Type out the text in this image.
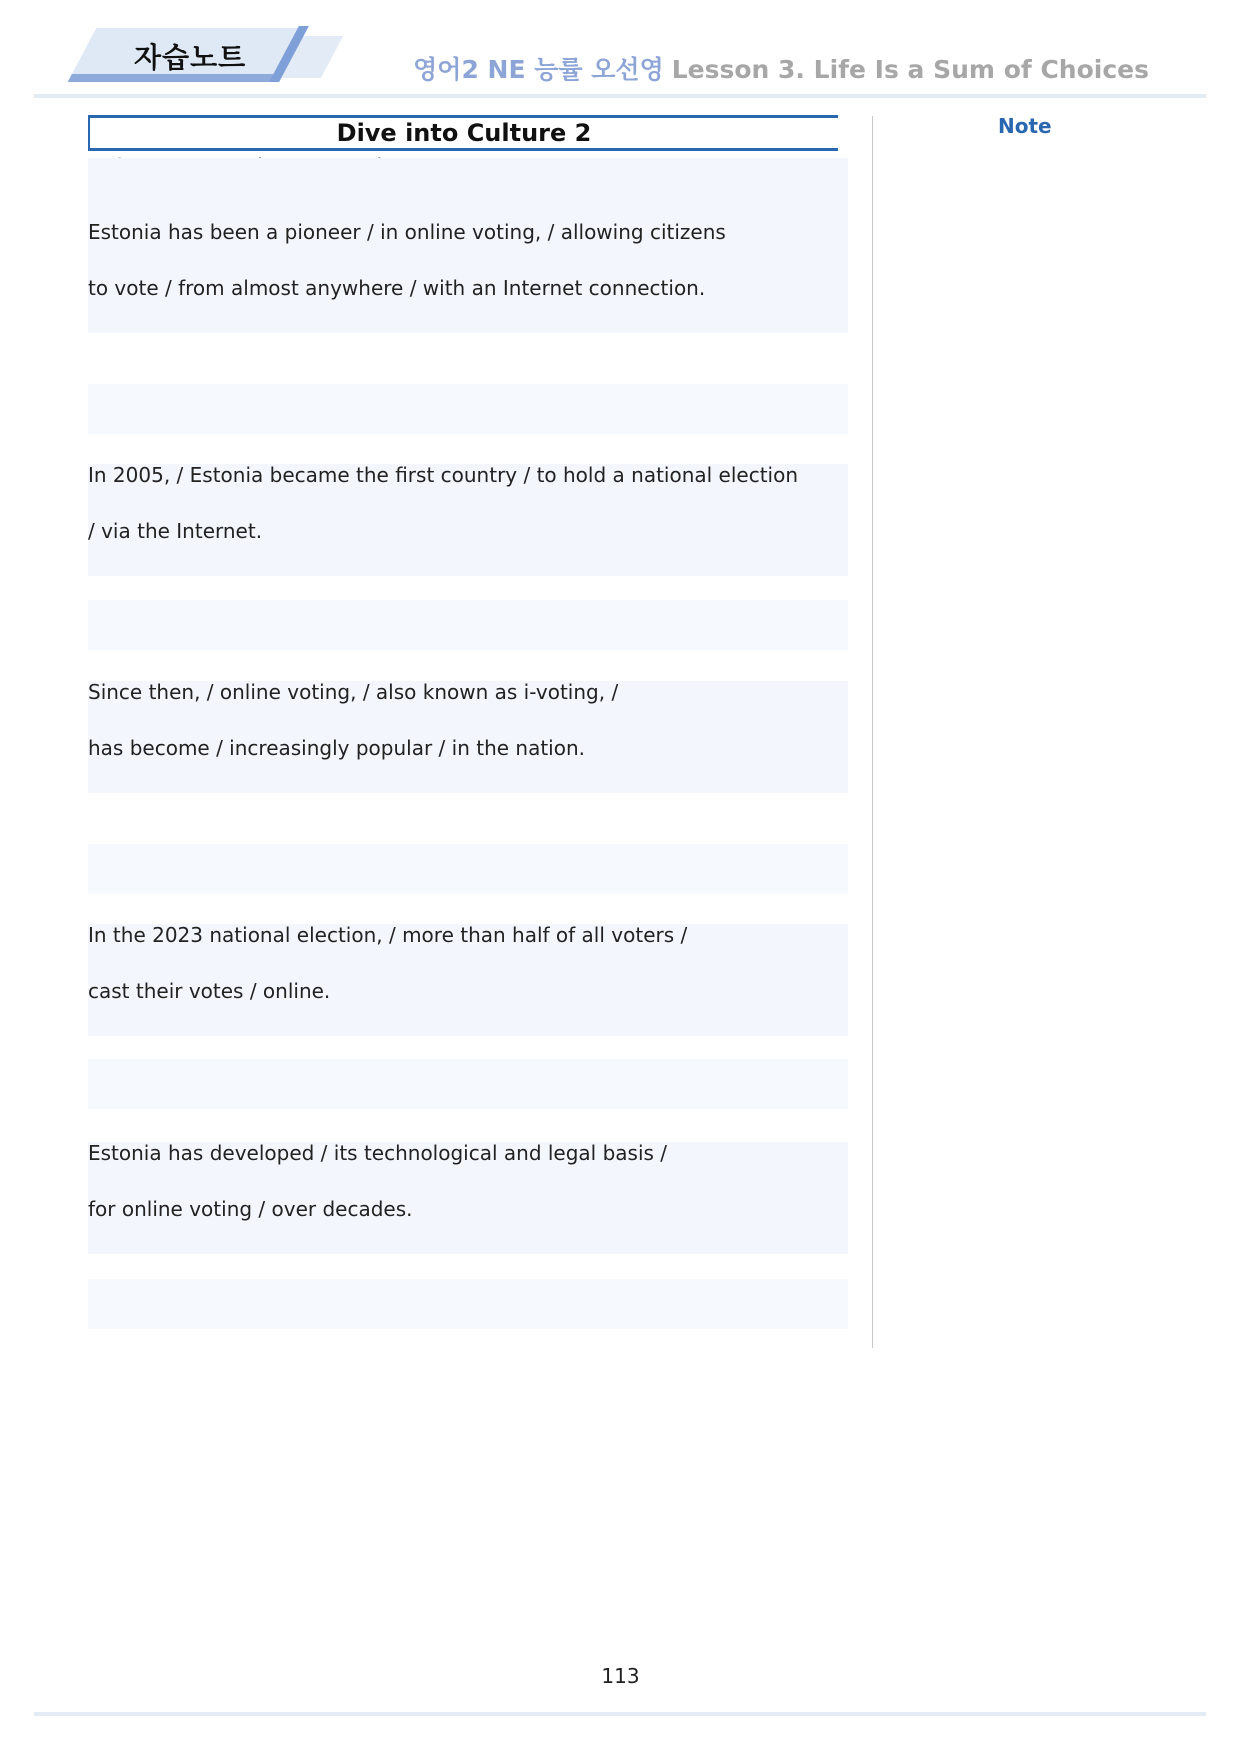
자습노트	영어2 NE 능률 오선영 Lesson 3. Life Is a Sum of Choices
Dive into Culture 2	Note
Estonia has been a pioneer / in online voting, / allowing citizens
to vote / from almost anywhere / with an Internet connection.
In 2005, / Estonia became the first country / to hold a national election
/ via the Internet.
Since then, / online voting, / also known as i-voting, /
has become / increasingly popular / in the nation.
In the 2023 national election, / more than half of all voters /
cast their votes / online.
Estonia has developed / its technological and legal basis /
for online voting / over decades.
113
